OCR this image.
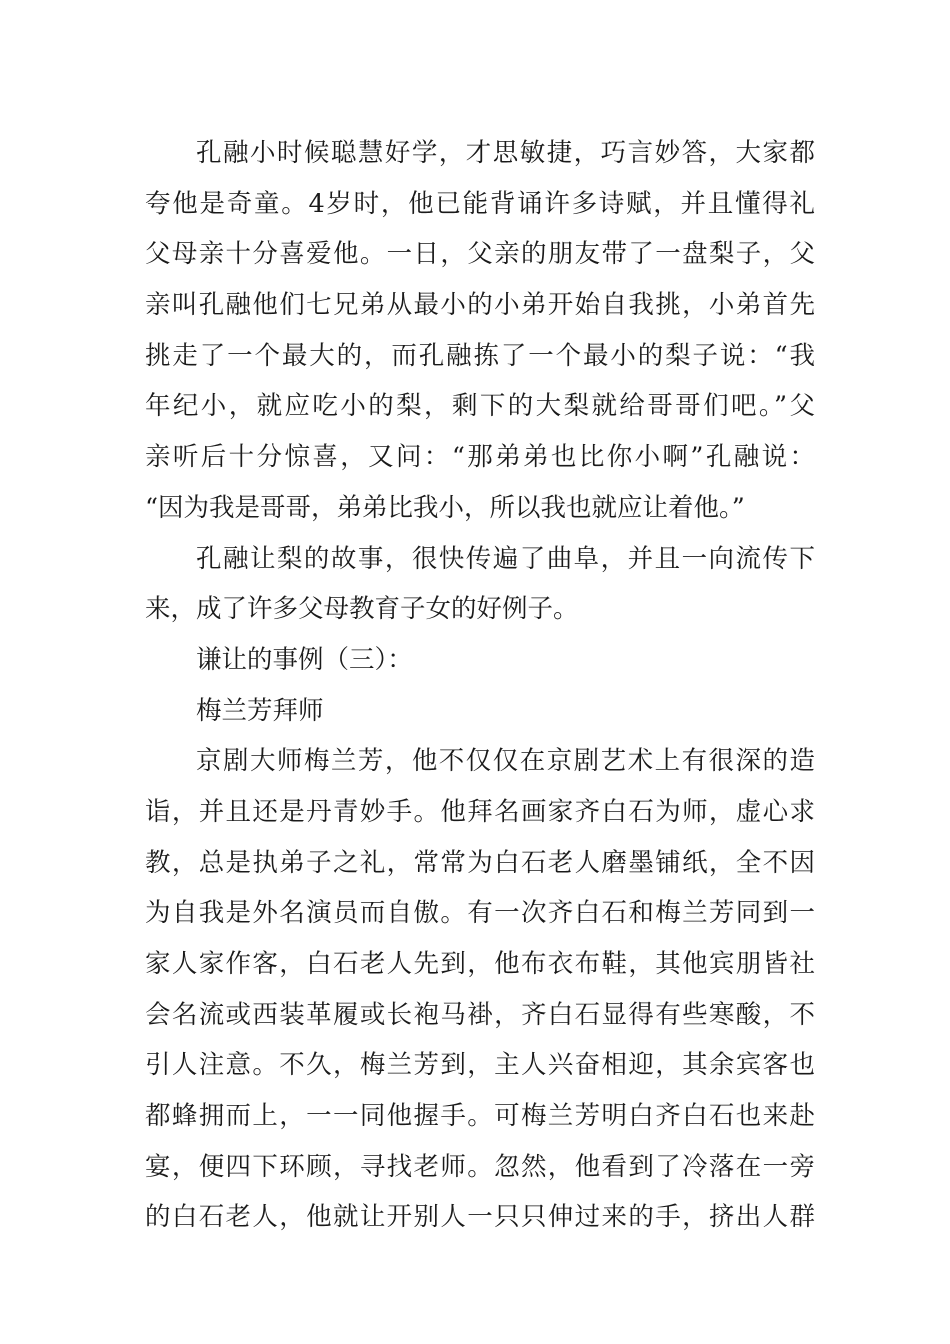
孔融小时候聪慧好学，才思敏捷，巧言妙答，大家都
夸他是奇童。4岁时，他已能背诵许多诗赋，并且懂得礼
父母亲十分喜爱他。一日，父亲的朋友带了一盘梨子，父
亲叫孔融他们七兄弟从最小的小弟开始自我挑，小弟首先
挑走了一个最大的，而孔融拣了一个最小的梨子说：“我
年纪小，就应吃小的梨，剩下的大梨就给哥哥们吧。”父
亲听后十分惊喜，又问：“那弟弟也比你小啊”孔融说：
“因为我是哥哥，弟弟比我小，所以我也就应让着他。”
孔融让梨的故事，很快传遍了曲阜，并且一向流传下
来，成了许多父母教育子女的好例子。
谦让的事例（三）：
梅兰芳拜师
京剧大师梅兰芳，他不仅仅在京剧艺术上有很深的造
诣，并且还是丹青妙手。他拜名画家齐白石为师，虚心求
教，总是执弟子之礼，常常为白石老人磨墨铺纸，全不因
为自我是外名演员而自傲。有一次齐白石和梅兰芳同到一
家人家作客，白石老人先到，他布衣布鞋，其他宾朋皆社
会名流或西装革履或长袍马褂，齐白石显得有些寒酸，不
引人注意。不久，梅兰芳到，主人兴奋相迎，其余宾客也
都蜂拥而上，一一同他握手。可梅兰芳明白齐白石也来赴
宴，便四下环顾，寻找老师。忽然，他看到了冷落在一旁
的白石老人，他就让开别人一只只伸过来的手，挤出人群
